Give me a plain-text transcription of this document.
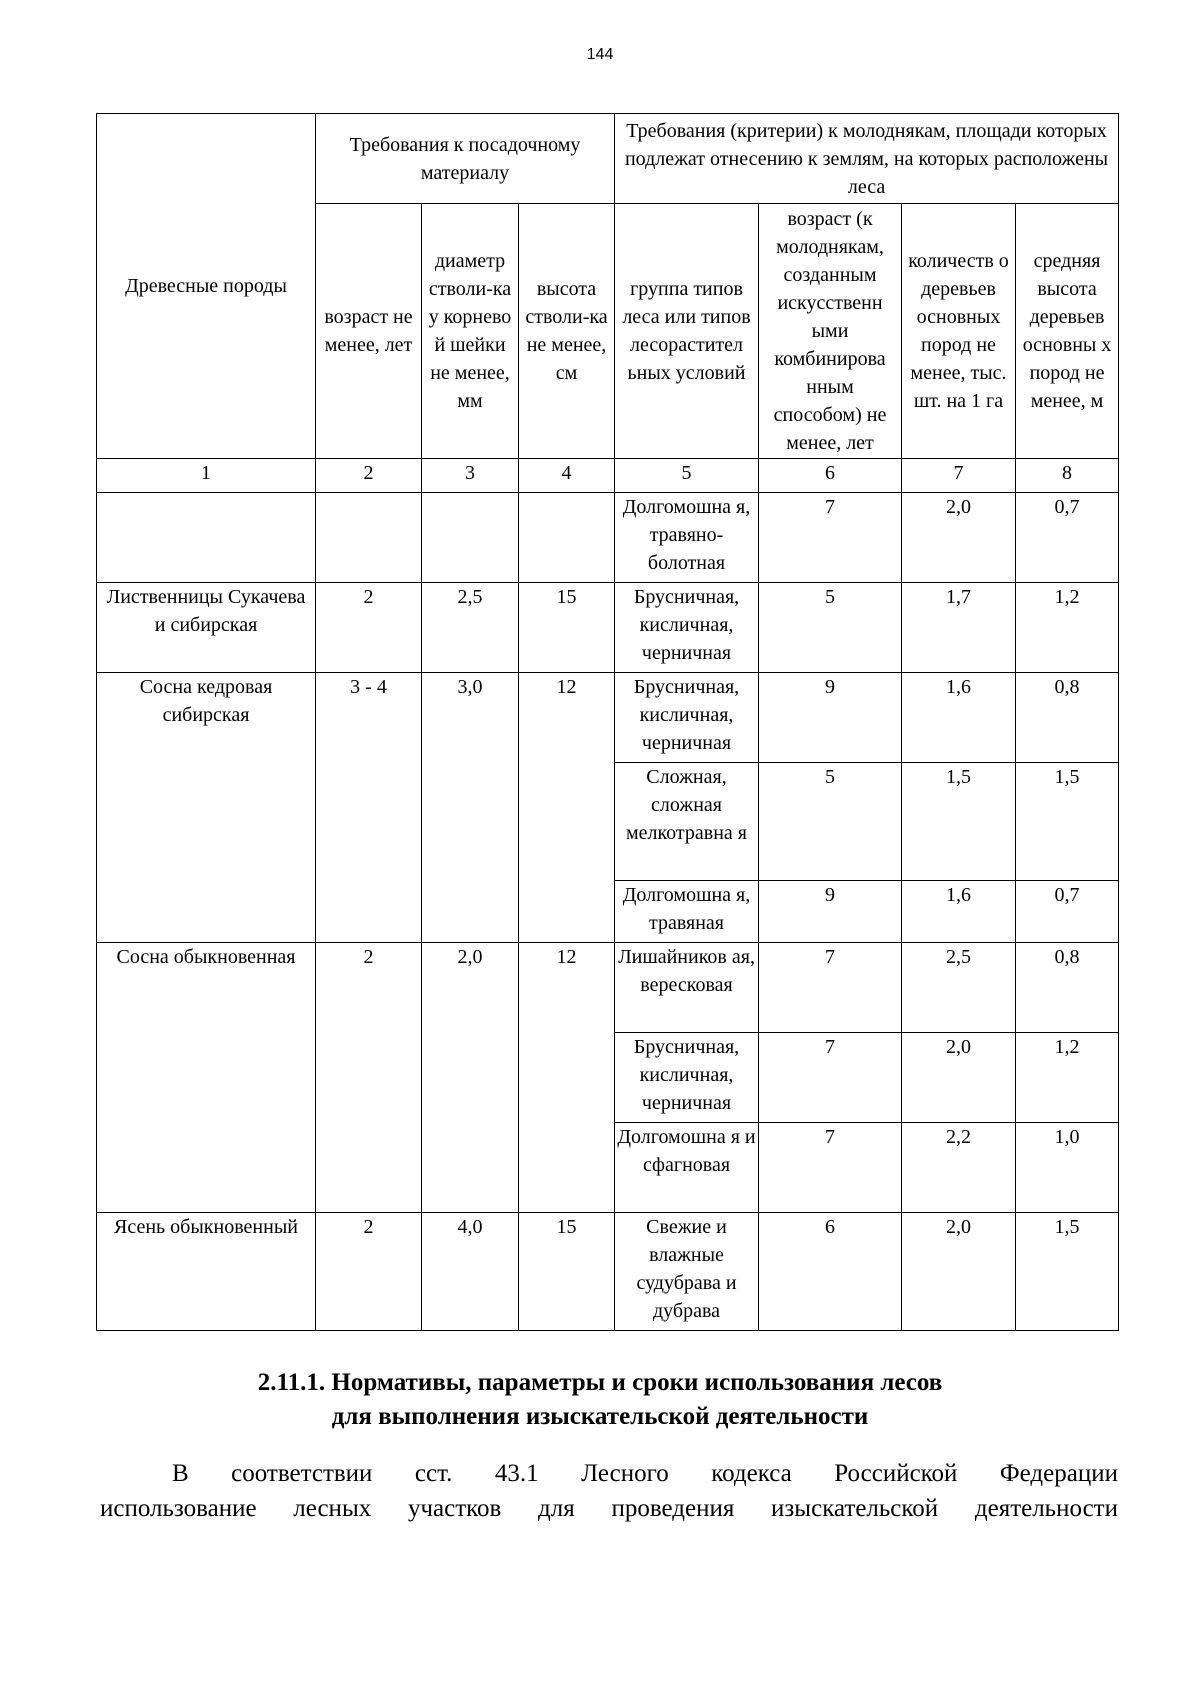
144
Древесные породы	Требования к посадочному материалу			Требования (критерии) к молоднякам, площади которых подлежат отнесению к землям, на которых расположены леса			
	возраст не менее, лет	диаметр стволи-ка у корнево й шейки не менее, мм	высота стволи-ка не менее, см	группа типов леса или типов лесорастител ьных условий	возраст (к молоднякам, созданным искусственн ыми комбинирова нным способом) не менее, лет	количеств о деревьев основных пород не менее, тыс. шт. на 1 га	средняя высота деревьев основны х пород не менее, м
1	2	3	4	5	6	7	8
				Долгомошна я, травяно-болотная	7	2,0	0,7
Лиственницы Сукачева и сибирская	2	2,5	15	Брусничная, кисличная, черничная	5	1,7	1,2
Сосна кедровая сибирская	3 - 4	3,0	12	Брусничная, кисличная, черничная	9	1,6	0,8
				Сложная, сложная мелкотравна я	5	1,5	1,5
				Долгомошна я, травяная	9	1,6	0,7
Сосна обыкновенная	2	2,0	12	Лишайников ая, вересковая	7	2,5	0,8
				Брусничная, кисличная, черничная	7	2,0	1,2
				Долгомошна я и сфагновая	7	2,2	1,0
Ясень обыкновенный	2	4,0	15	Свежие и влажные судубрава и дубрава	6	2,0	1,5
2.11.1. Нормативы, параметры и сроки использования лесов
для выполнения изыскательской деятельности
В соответствии cст. 43.1 Лесного кодекса Российской Федерации
использование лесных участков для проведения изыскательской деятельности
